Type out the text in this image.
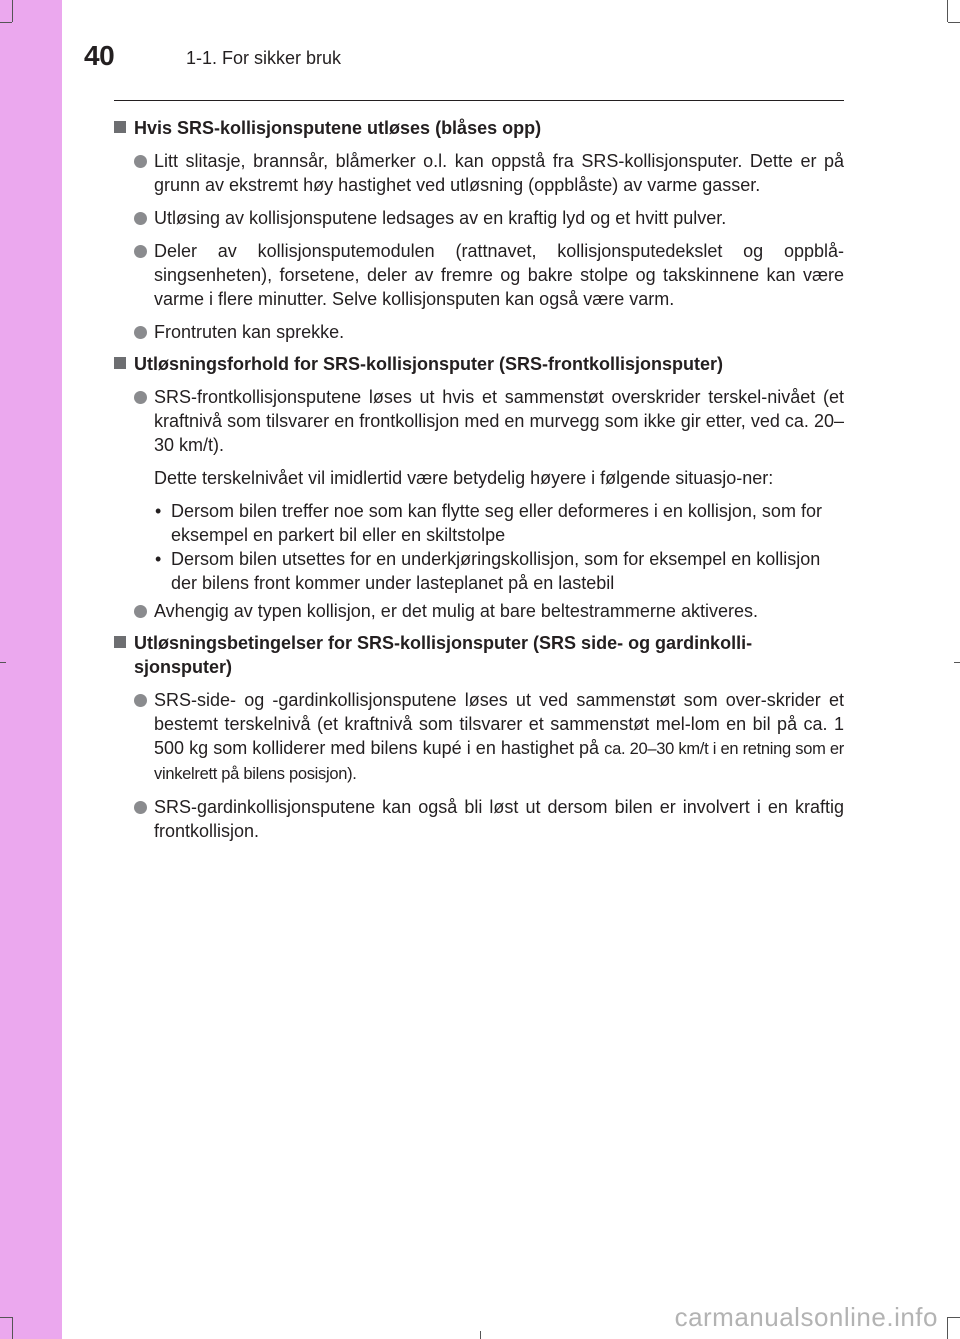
40	1-1. For sikker bruk
Hvis SRS-kollisjonsputene utløses (blåses opp)
Litt slitasje, brannsår, blåmerker o.l. kan oppstå fra SRS-kollisjonsputer. Dette er på grunn av ekstremt høy hastighet ved utløsning (oppblåste) av varme gasser.
Utløsing av kollisjonsputene ledsages av en kraftig lyd og et hvitt pulver.
Deler av kollisjonsputemodulen (rattnavet, kollisjonsputedekslet og oppblå-singsenheten), forsetene, deler av fremre og bakre stolpe og takskinnene kan være varme i flere minutter. Selve kollisjonsputen kan også være varm.
Frontruten kan sprekke.
Utløsningsforhold for SRS-kollisjonsputer (SRS-frontkollisjonsputer)
SRS-frontkollisjonsputene løses ut hvis et sammenstøt overskrider terskel-nivået (et kraftnivå som tilsvarer en frontkollisjon med en murvegg som ikke gir etter, ved ca. 20–30 km/t).
Dette terskelnivået vil imidlertid være betydelig høyere i følgende situasjo-ner:
• Dersom bilen treffer noe som kan flytte seg eller deformeres i en kollisjon, som for eksempel en parkert bil eller en skiltstolpe
• Dersom bilen utsettes for en underkjøringskollisjon, som for eksempel en kollisjon der bilens front kommer under lasteplanet på en lastebil
Avhengig av typen kollisjon, er det mulig at bare beltestrammerne aktiveres.
Utløsningsbetingelser for SRS-kollisjonsputer (SRS side- og gardinkolli-sjonsputer)
SRS-side- og -gardinkollisjonsputene løses ut ved sammenstøt som over-skrider et bestemt terskelnivå (et kraftnivå som tilsvarer et sammenstøt mel-lom en bil på ca. 1 500 kg som kolliderer med bilens kupé i en hastighet på ca. 20–30 km/t i en retning som er vinkelrett på bilens posisjon).
SRS-gardinkollisjonsputene kan også bli løst ut dersom bilen er involvert i en kraftig frontkollisjon.
carmanualsonline.info
